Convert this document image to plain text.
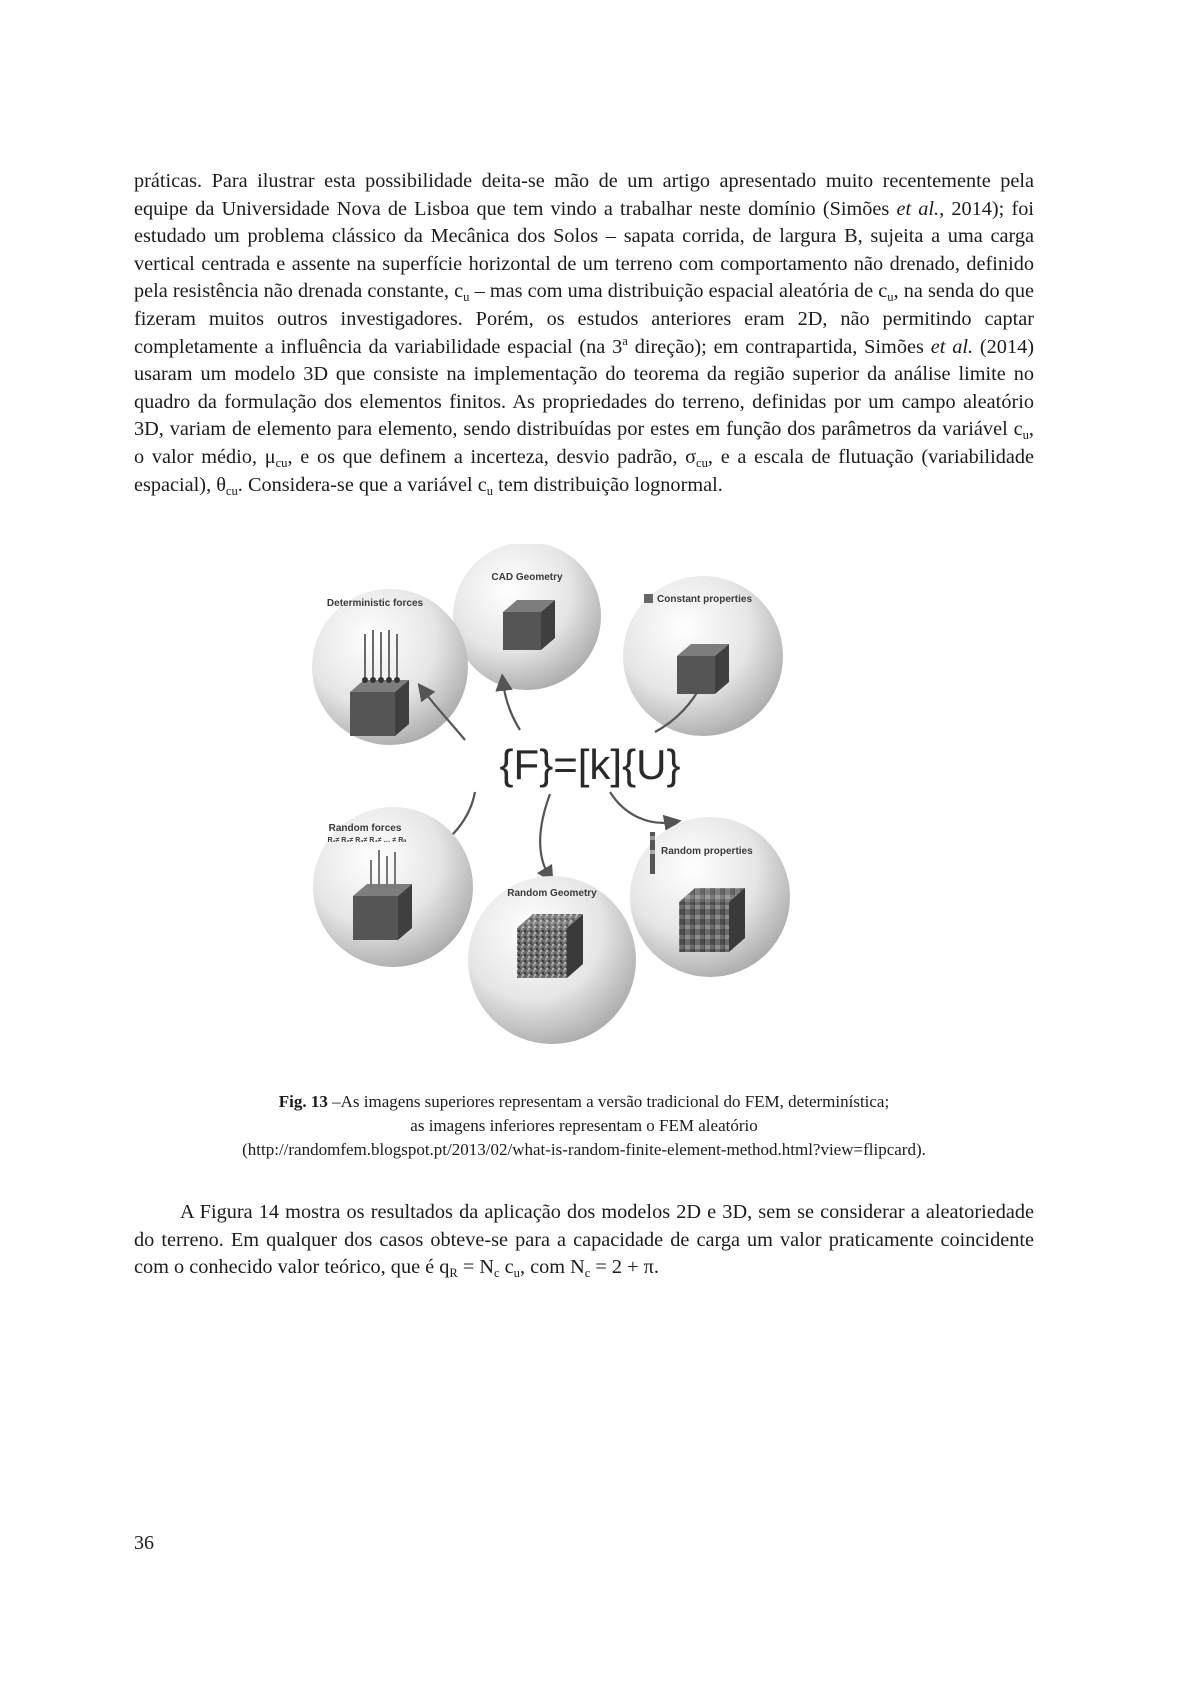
práticas. Para ilustrar esta possibilidade deita-se mão de um artigo apresentado muito recentemente pela equipe da Universidade Nova de Lisboa que tem vindo a trabalhar neste domínio (Simões et al., 2014); foi estudado um problema clássico da Mecânica dos Solos – sapata corrida, de largura B, sujeita a uma carga vertical centrada e assente na superfície horizontal de um terreno com comportamento não drenado, definido pela resistência não drenada constante, $c_u$ – mas com uma distribuição espacial aleatória de $c_u$, na senda do que fizeram muitos outros investigadores. Porém, os estudos anteriores eram 2D, não permitindo captar completamente a influência da variabilidade espacial (na 3$^a$ direção); em contrapartida, Simões et al. (2014) usaram um modelo 3D que consiste na implementação do teorema da região superior da análise limite no quadro da formulação dos elementos finitos. As propriedades do terreno, definidas por um campo aleatório 3D, variam de elemento para elemento, sendo distribuídas por estes em função dos parâmetros da variável $c_u$, o valor médio, $\mu_{cu}$, e os que definem a incerteza, desvio padrão, $\sigma_{cu}$, e a escala de flutuação (variabilidade espacial), $\theta_{cu}$. Considera-se que a variável $c_u$ tem distribuição lognormal.

CAD Geometry
Deterministic forces	Constant properties
{F}=[k]{U}
Random forces
R₁≠ R₂≠ R₃≠ R₄≠ … ≠ Rₙ
Random Geometry
Random properties
Fig. 13 –As imagens superiores representam a versão tradicional do FEM, determinística;
as imagens inferiores representam o FEM aleatório
(http://randomfem.blogspot.pt/2013/02/what-is-random-finite-element-method.html?view=flipcard).

A Figura 14 mostra os resultados da aplicação dos modelos 2D e 3D, sem se considerar a aleatoriedade do terreno. Em qualquer dos casos obteve-se para a capacidade de carga um valor praticamente coincidente com o conhecido valor teórico, que é $q_R = N_c$ $c_u$, com $N_c = 2 + \pi$.

36
